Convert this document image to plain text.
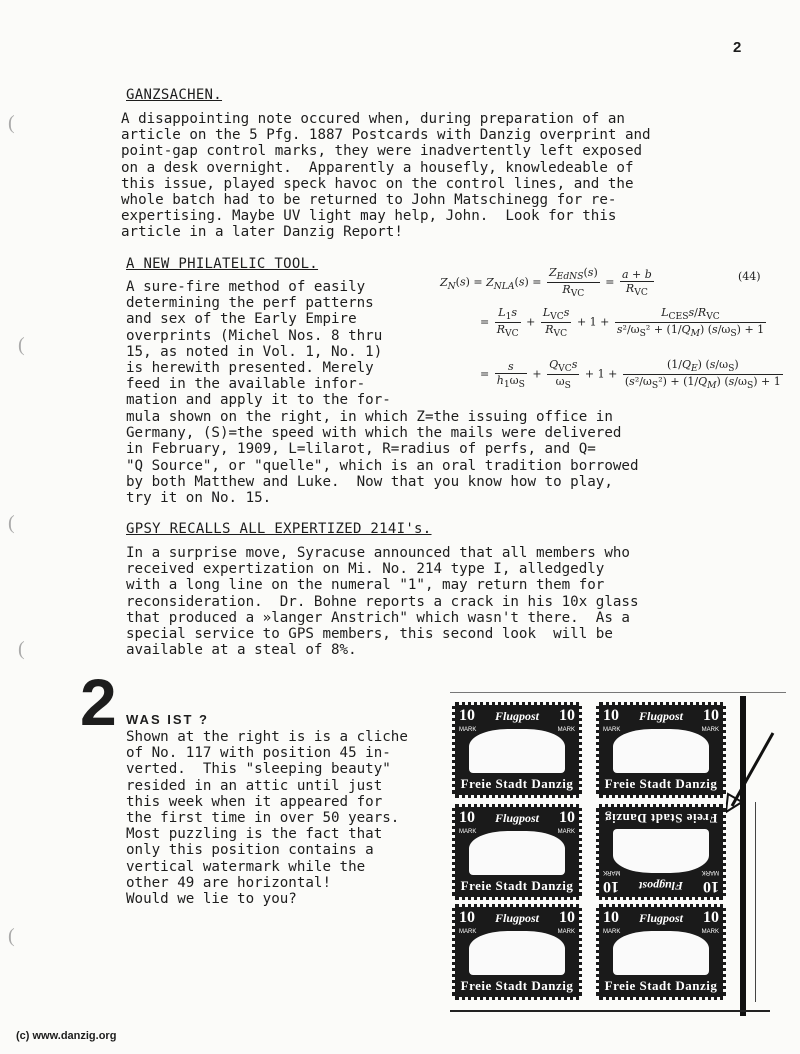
2
(
(
(
(
(
GANZSACHEN.
A disappointing note occured when, during preparation of an
article on the 5 Pfg. 1887 Postcards with Danzig overprint and
point-gap control marks, they were inadvertently left exposed
on a desk overnight.  Apparently a housefly, knowledeable of
this issue, played speck havoc on the control lines, and the
whole batch had to be returned to John Matschinegg for re-
expertising. Maybe UV light may help, John.  Look for this
article in a later Danzig Report!
A NEW PHILATELIC TOOL.
A sure-fire method of easily
determining the perf patterns
and sex of the Early Empire
overprints (Michel Nos. 8 thru
15, as noted in Vol. 1, No. 1)
is herewith presented. Merely
feed in the available infor-
mation and apply it to the for-
mula shown on the right, in which Z=the issuing office in
Germany, (S)=the speed with which the mails were delivered
in February, 1909, L=lilarot, R=radius of perfs, and Q=
"Q Source", or "quelle", which is an oral tradition borrowed
by both Matthew and Luke.  Now that you know how to play,
try it on No. 15.
$Z_N(s) = Z_{NLA}(s)$ =
$Z_{EdNS}(s)$
$R_{VC}$
=
a + b
$R_{VC}$
(44)
=
$L_1s$
$R_{VC}$
+
$L_{VC}s$
$R_{VC}$
+ 1 +
$L_{CES}s/R_{VC}$
$s^2/\omega_S^2 + (1/Q_M) (s/\omega_S) + 1$
= $\frac{s}{h_1\omega_S}$ +
$Q_{VC}s$
$\omega_S$
+ $1 + \frac{(1/Q_E) (s/\omega_S)}{(s^2/\omega_S^2) + (1/Q_M) (s/\omega_S) + 1}$
GPSY RECALLS ALL EXPERTIZED 214I's.
In a surprise move, Syracuse announced that all members who
received expertization on Mi. No. 214 type I, alledgedly
with a long line on the numeral "1", may return them for
reconsideration.  Dr. Bohne reports a crack in his 10x glass
that produced a »langer Anstrich" which wasn't there.  As a
special service to GPS members, this second look  will be
available at a steal of 8%.
2 WAS IST ?
Shown at the right is is a cliche
of No. 117 with position 45 in-
verted.  This "sleeping beauty"
resided in an attic until just
this week when it appeared for
the first time in over 50 years.
Most puzzling is the fact that
only this position contains a
vertical watermark while the
other 49 are horizontal!
Would we lie to you?
10	10
Flugpost
MARK	MARK
Freie Stadt Danzig
10	10
Flugpost
MARK	MARK
Freie Stadt Danzig
10	10
Flugpost
MARK	MARK
Freie Stadt Danzig	10
10	Flugpost
MARK
MARK
Freie Stadt Danzig
10	10
Flugpost
MARK	MARK
Freie Stadt Danzig
10	10
Flugpost
MARK	MARK
Freie Stadt Danzig
(c) www.danzig.org
